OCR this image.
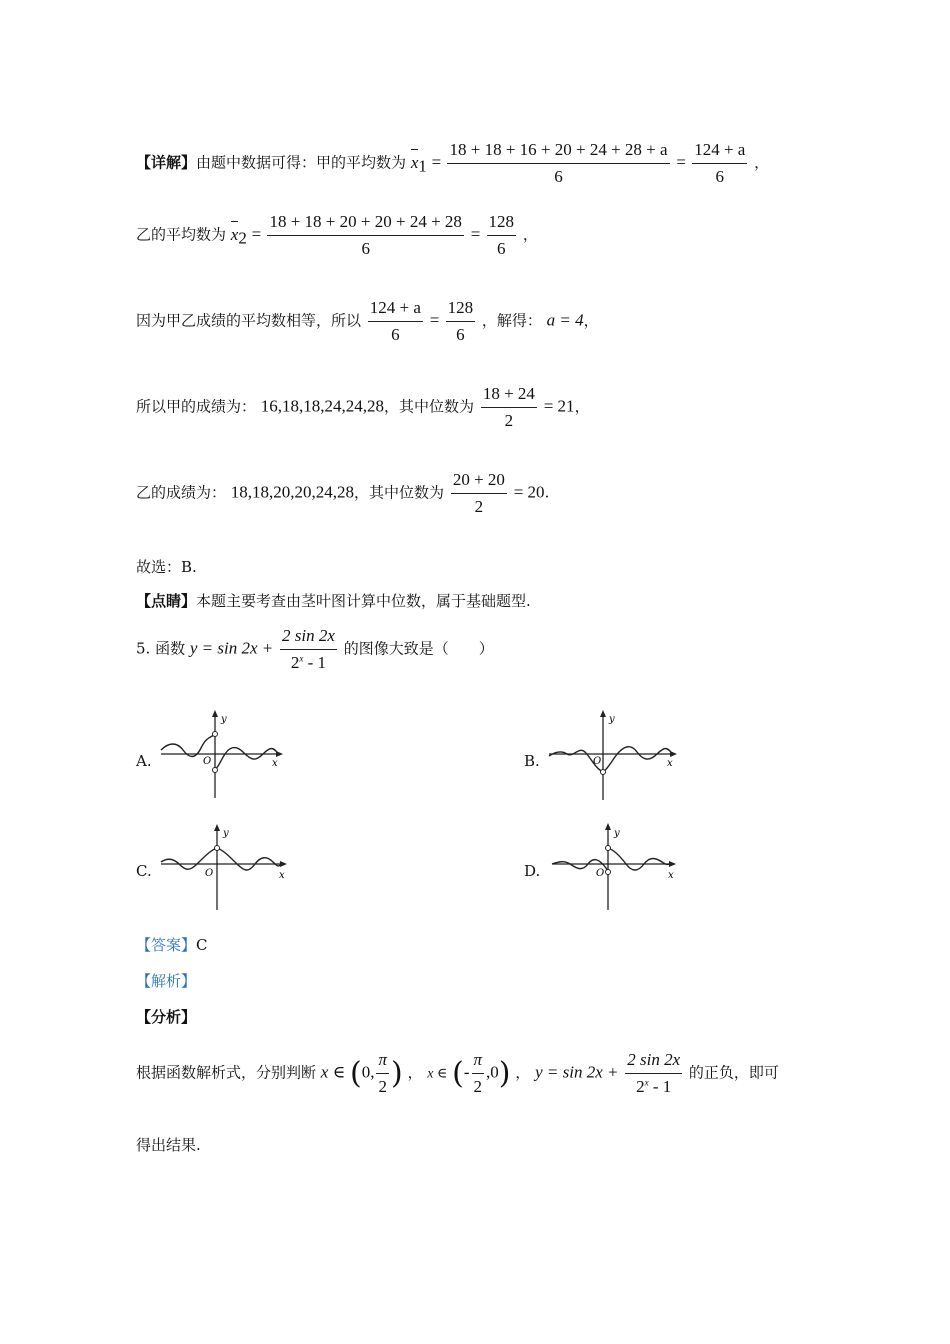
【详解】由题中数据可得：甲的平均数为 $x_1 = \frac{18 + 18 + 16 + 20 + 24 + 28 + a}{6} = \frac{124 + a}{6}$ ，
乙的平均数为 $x_2 = \frac{18 + 18 + 20 + 20 + 24 + 28}{6} = \frac{128}{6}$ ，
因为甲乙成绩的平均数相等，所以 $\frac{124 + a}{6} = \frac{128}{6}$ ，解得： a = 4，
所以甲的成绩为： 16,18,18,24,24,28，其中位数为 $\frac{18 + 24}{2} = 21$，
乙的成绩为： 18,18,20,20,24,28，其中位数为 $\frac{20 + 20}{2} = 20$.
故选：B.
【点睛】本题主要考查由茎叶图计算中位数，属于基础题型.
5. 函数 $y = \sin 2x + \frac{2 \sin 2x}{2^x - 1}$ 的图像大致是（　　）
A.	B.
C.	D.
y
x
O
y
x
O
y
x
O
y
x
O
【答案】C
【解析】
【分析】
根据函数解析式，分别判断 x ∈ (0, $\frac{\pi}{2}$ ) ， x ∈ (- $\frac{\pi}{2} ,0$) ， $y = \sin 2x + \frac{2 \sin 2x}{2^x - 1}$ 的正负，即可
得出结果.
